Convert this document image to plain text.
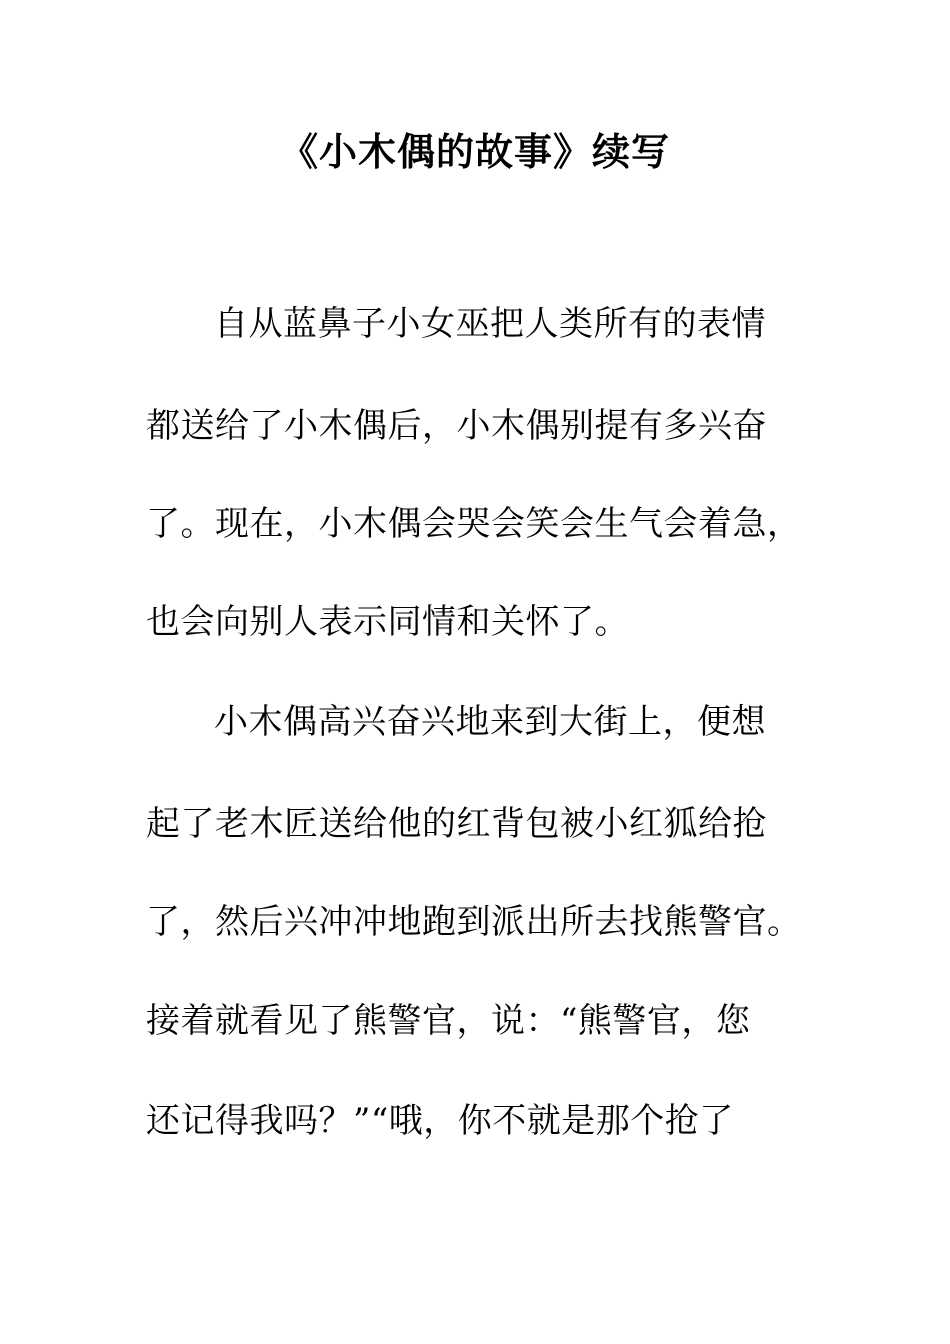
《小木偶的故事》续写
自从蓝鼻子小女巫把人类所有的表情
都送给了小木偶后，小木偶别提有多兴奋
了。现在，小木偶会哭会笑会生气会着急，
也会向别人表示同情和关怀了。
小木偶高兴奋兴地来到大街上，便想
起了老木匠送给他的红背包被小红狐给抢
了，然后兴冲冲地跑到派出所去找熊警官。
接着就看见了熊警官，说：“熊警官，您
还记得我吗？”“哦，你不就是那个抢了
